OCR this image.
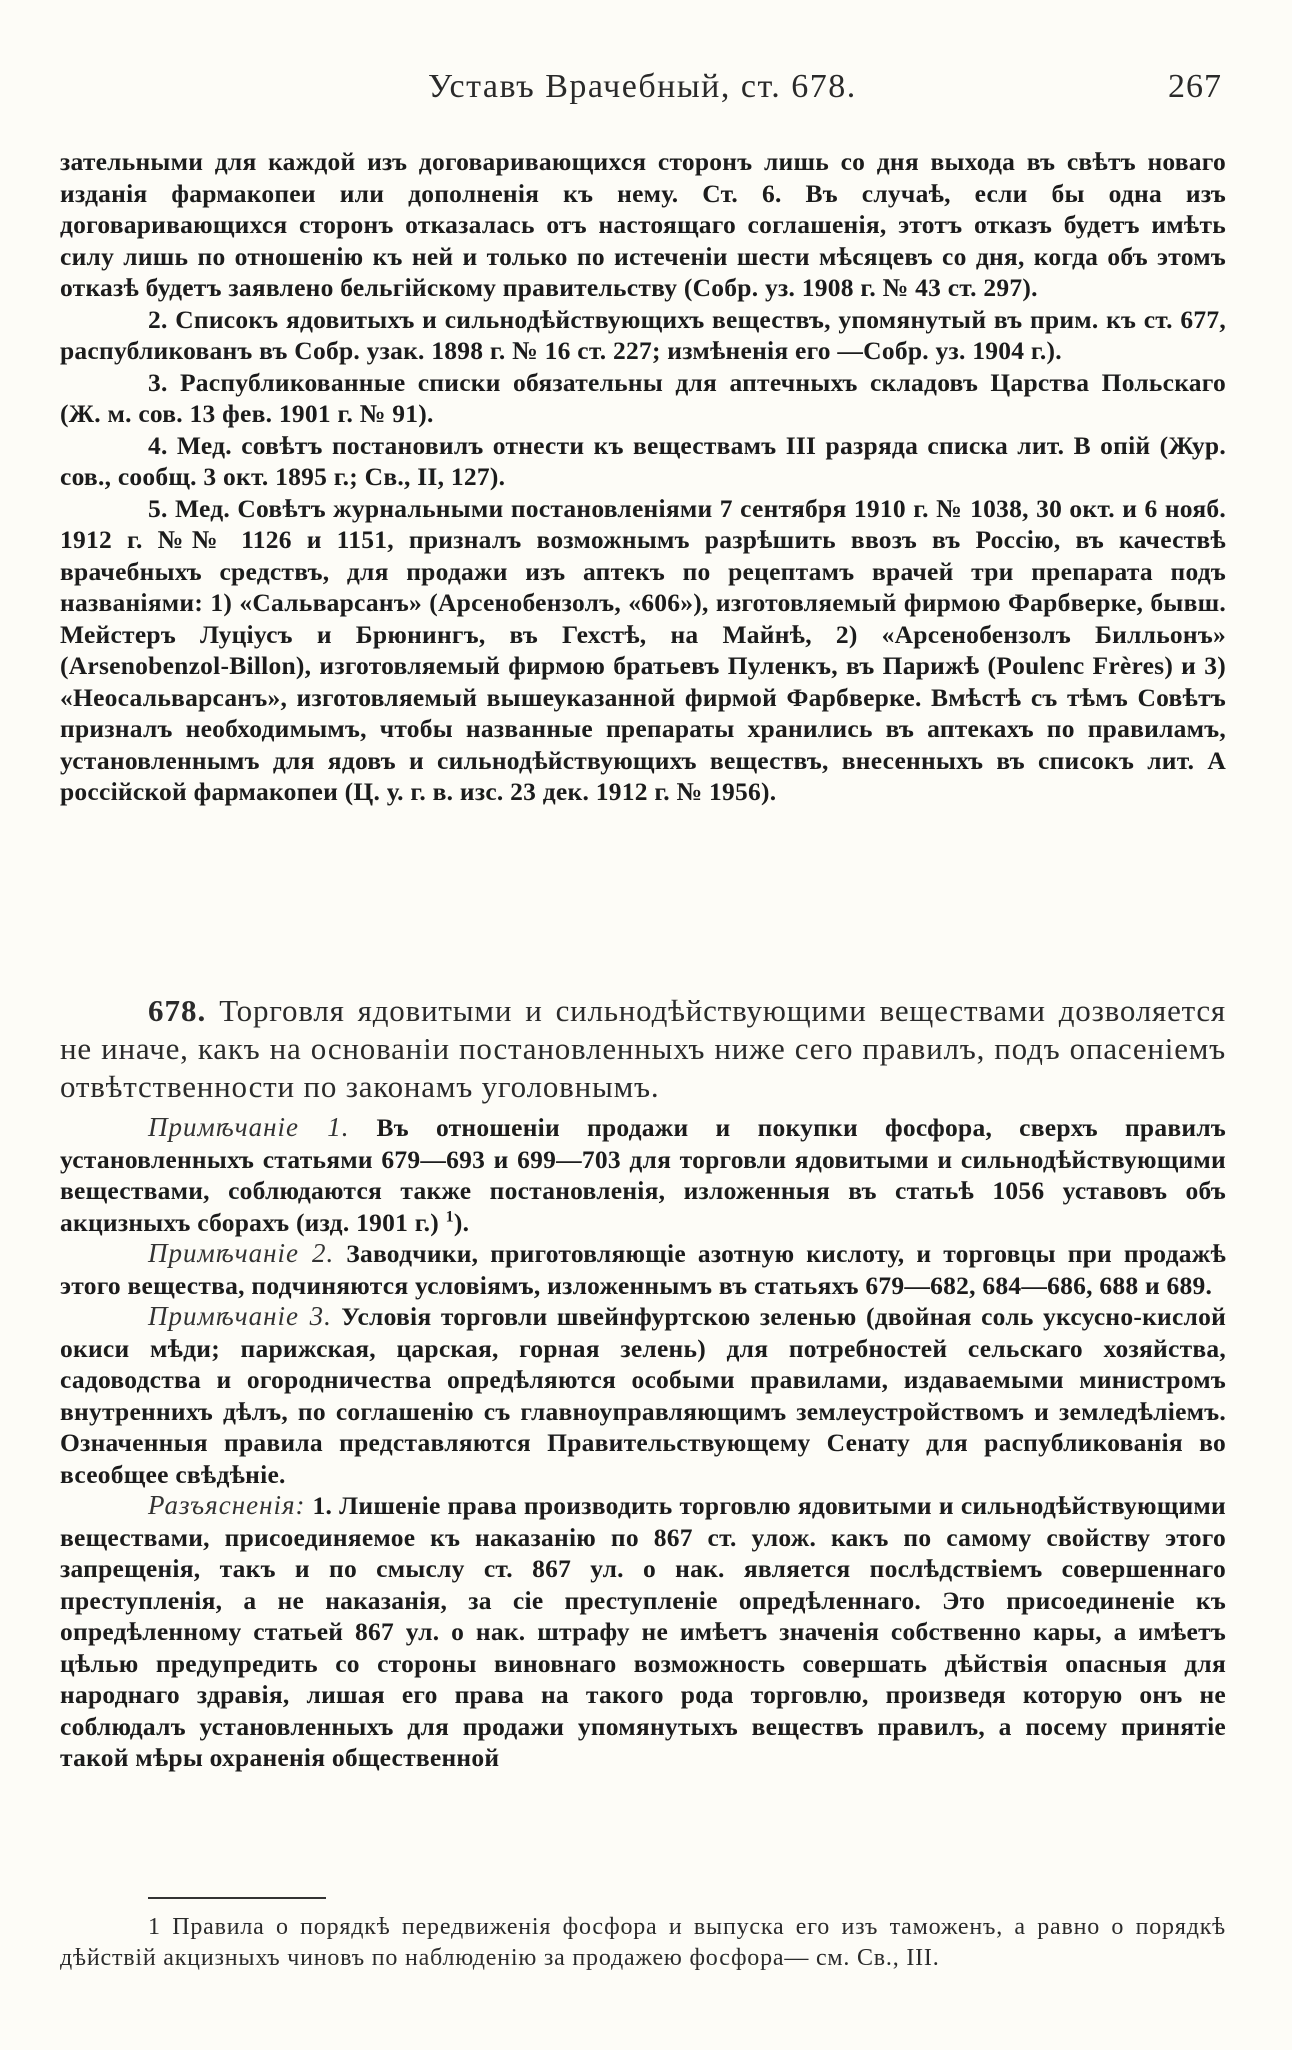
Уставъ Врачебный, ст. 678.	267

зательными для каждой изъ договаривающихся сторонъ лишь со дня выхода въ свѣтъ новаго изданія фармакопеи или дополненія къ нему. Ст. 6. Въ случаѣ, если бы одна изъ договаривающихся сторонъ отказалась отъ настоящаго соглашенія, этотъ отказъ будетъ имѣть силу лишь по отношенію къ ней и только по истеченіи шести мѣсяцевъ со дня, когда объ этомъ отказѣ будетъ заявлено бельгійскому правительству (Собр. уз. 1908 г. № 43 ст. 297).

2. Списокъ ядовитыхъ и сильнодѣйствующихъ веществъ, упомянутый въ прим. къ ст. 677, распубликованъ въ Собр. узак. 1898 г. № 16 ст. 227; измѣненія его —Собр. уз. 1904 г.).

3. Распубликованные списки обязательны для аптечныхъ складовъ Царства Польскаго (Ж. м. сов. 13 фев. 1901 г. № 91).

4. Мед. совѣтъ постановилъ отнести къ веществамъ III разряда списка лит. В опій (Жур. сов., сообщ. 3 окт. 1895 г.; Св., II, 127).

5. Мед. Совѣтъ журнальными постановленіями 7 сентября 1910 г. № 1038, 30 окт. и 6 нояб. 1912 г. №№ 1126 и 1151, призналъ возможнымъ разрѣшить ввозъ въ Россію, въ качествѣ врачебныхъ средствъ, для продажи изъ аптекъ по рецептамъ врачей три препарата подъ названіями: 1) «Сальварсанъ» (Арсенобензолъ, «606»), изготовляемый фирмою Фарбверке, бывш. Мейстеръ Луціусъ и Брюнингъ, въ Гехстѣ, на Майнѣ, 2) «Арсенобензолъ Билльонъ» (Arsenobenzol-Billon), изготовляемый фирмою братьевъ Пуленкъ, въ Парижѣ (Poulenc Frères) и 3) «Неосальварсанъ», изготовляемый вышеуказанной фирмой Фарбверке. Вмѣстѣ съ тѣмъ Совѣтъ призналъ необходимымъ, чтобы названные препараты хранились въ аптекахъ по правиламъ, установленнымъ для ядовъ и сильнодѣйствующихъ веществъ, внесенныхъ въ списокъ лит. А россійской фармакопеи (Ц. у. г. в. изс. 23 дек. 1912 г. № 1956).

678. Торговля ядовитыми и сильнодѣйствующими веществами дозволяется не иначе, какъ на основаніи постановленныхъ ниже сего правилъ, подъ опасеніемъ отвѣтственности по законамъ уголовнымъ.

Примѣчаніе 1. Въ отношеніи продажи и покупки фосфора, сверхъ правилъ установленныхъ статьями 679—693 и 699—703 для торговли ядовитыми и сильнодѣйствующими веществами, соблюдаются также постановленія, изложенныя въ статьѣ 1056 уставовъ объ акцизныхъ сборахъ (изд. 1901 г.) $^1$).

Примѣчаніе 2. Заводчики, приготовляющіе азотную кислоту, и торговцы при продажѣ этого вещества, подчиняются условіямъ, изложеннымъ въ статьяхъ 679—682, 684—686, 688 и 689.

Примѣчаніе 3. Условія торговли швейнфуртскою зеленью (двойная соль уксусно-кислой окиси мѣди; парижская, царская, горная зелень) для потребностей сельскаго хозяйства, садоводства и огородничества опредѣляются особыми правилами, издаваемыми министромъ внутреннихъ дѣлъ, по соглашенію съ главноуправляющимъ землеустройствомъ и земледѣліемъ. Означенныя правила представляются Правительствующему Сенату для распубликованія во всеобщее свѣдѣніе.

Разъясненія: 1. Лишеніе права производить торговлю ядовитыми и сильнодѣйствующими веществами, присоединяемое къ наказанію по 867 ст. улож. какъ по самому свойству этого запрещенія, такъ и по смыслу ст. 867 ул. о нак. является послѣдствіемъ совершеннаго преступленія, а не наказанія, за сіе преступленіе опредѣленнаго. Это присоединеніе къ опредѣленному статьей 867 ул. о нак. штрафу не имѣетъ значенія собственно кары, а имѣетъ цѣлью предупредить со стороны виновнаго возможность совершать дѣйствія опасныя для народнаго здравія, лишая его права на такого рода торговлю, произведя которую онъ не соблюдалъ установленныхъ для продажи упомянутыхъ веществъ правилъ, а посему принятіе такой мѣры охраненія общественной

1 Правила о порядкѣ передвиженія фосфора и выпуска его изъ таможенъ, а равно о порядкѣ дѣйствій акцизныхъ чиновъ по наблюденію за продажею фосфора— см. Св., III.
